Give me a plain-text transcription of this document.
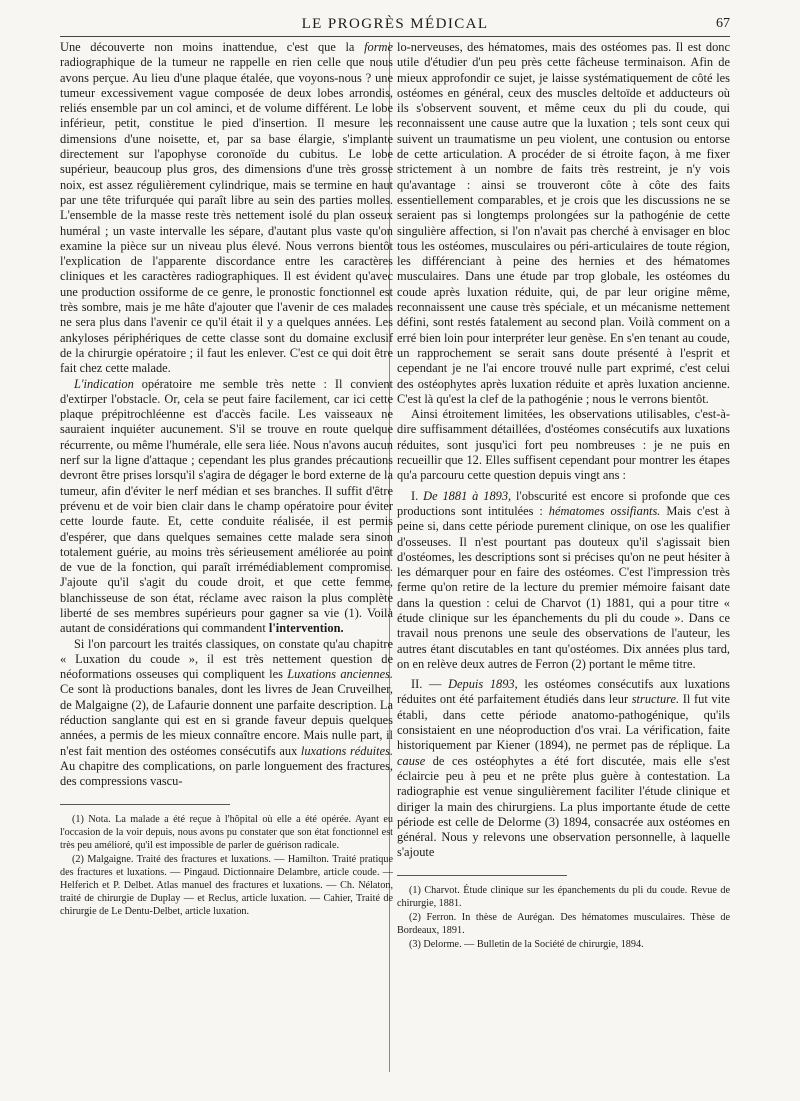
LE PROGRÈS MÉDICAL	67

Une découverte non moins inattendue, c'est que la forme radiographique de la tumeur ne rappelle en rien celle que nous avons perçue. Au lieu d'une plaque étalée, que voyons-nous ? une tumeur excessivement vague composée de deux lobes arrondis, reliés ensemble par un col aminci, et de volume différent. Le lobe inférieur, petit, constitue le pied d'insertion. Il mesure les dimensions d'une noisette, et, par sa base élargie, s'implante directement sur l'apophyse coronoïde du cubitus. Le lobe supérieur, beaucoup plus gros, des dimensions d'une très grosse noix, est assez régulièrement cylindrique, mais se termine en haut par une tête trifurquée qui paraît libre au sein des parties molles. L'ensemble de la masse reste très nettement isolé du plan osseux huméral ; un vaste intervalle les sépare, d'autant plus vaste qu'on examine la pièce sur un niveau plus élevé. Nous verrons bientôt l'explication de l'apparente discordance entre les caractères cliniques et les caractères radiographiques. Il est évident qu'avec une production ossiforme de ce genre, le pronostic fonctionnel est très sombre, mais je me hâte d'ajouter que l'avenir de ces malades ne sera plus dans l'avenir ce qu'il était il y a quelques années. Les ankyloses périphériques de cette classe sont du domaine exclusif de la chirurgie opératoire ; il faut les enlever. C'est ce qui doit être fait chez cette malade.

L'indication opératoire me semble très nette : Il convient d'extirper l'obstacle. Or, cela se peut faire facilement, car ici cette plaque prépitrochléenne est d'accès facile. Les vaisseaux ne sauraient inquiéter aucunement. S'il se trouve en route quelque récurrente, ou même l'humérale, elle sera liée. Nous n'avons aucun nerf sur la ligne d'attaque ; cependant les plus grandes précautions devront être prises lorsqu'il s'agira de dégager le bord externe de la tumeur, afin d'éviter le nerf médian et ses branches. Il suffit d'être prévenu et de voir bien clair dans le champ opératoire pour éviter cette lourde faute. Et, cette conduite réalisée, il est permis d'espérer, que dans quelques semaines cette malade sera sinon totalement guérie, au moins très sérieusement améliorée au point de vue de la fonction, qui paraît irrémédiablement compromise. J'ajoute qu'il s'agit du coude droit, et que cette femme, blanchisseuse de son état, réclame avec raison la plus complète liberté de ses membres supérieurs pour gagner sa vie (1). Voilà autant de considérations qui commandent l'intervention.

Si l'on parcourt les traités classiques, on constate qu'au chapitre « Luxation du coude », il est très nettement question de néoformations osseuses qui compliquent les Luxations anciennes. Ce sont là productions banales, dont les livres de Jean Cruveilher, de Malgaigne (2), de Lafaurie donnent une parfaite description. La réduction sanglante qui est en si grande faveur depuis quelques années, a permis de les mieux connaître encore. Mais nulle part, il n'est fait mention des ostéomes consécutifs aux luxations réduites. Au chapitre des complications, on parle longuement des fractures, des compressions vascu-

(1) Nota. La malade a été reçue à l'hôpital où elle a été opérée. Ayant eu l'occasion de la voir depuis, nous avons pu constater que son état fonctionnel est très peu amélioré, qu'il est impossible de parler de guérison radicale.

(2) Malgaigne. Traité des fractures et luxations. — Hamilton. Traité pratique des fractures et luxations. — Pingaud. Dictionnaire Delambre, article coude. — Helferich et P. Delbet. Atlas manuel des fractures et luxations. — Ch. Nélaton, traité de chirurgie de Duplay — et Reclus, article luxation. — Cahier, Traité de chirurgie de Le Dentu-Delbet, article luxation.

lo-nerveuses, des hématomes, mais des ostéomes pas. Il est donc utile d'étudier d'un peu près cette fâcheuse terminaison. Afin de mieux approfondir ce sujet, je laisse systématiquement de côté les ostéomes en général, ceux des muscles deltoïde et adducteurs où ils s'observent souvent, et même ceux du pli du coude, qui reconnaissent une cause autre que la luxation ; tels sont ceux qui suivent un traumatisme un peu violent, une contusion ou entorse de cette articulation. A procéder de si étroite façon, à me fixer strictement à un nombre de faits très restreint, je n'y vois qu'avantage : ainsi se trouveront côte à côte des faits essentiellement comparables, et je crois que les discussions ne se seraient pas si longtemps prolongées sur la pathogénie de cette singulière affection, si l'on n'avait pas cherché à envisager en bloc tous les ostéomes, musculaires ou péri-articulaires de toute région, les différenciant à peine des hernies et des hématomes musculaires. Dans une étude par trop globale, les ostéomes du coude après luxation réduite, qui, de par leur origine même, reconnaissent une cause très spéciale, et un mécanisme nettement défini, sont restés fatalement au second plan. Voilà comment on a erré bien loin pour interpréter leur genèse. En s'en tenant au coude, un rapprochement se serait sans doute présenté à l'esprit et cependant je ne l'ai encore trouvé nulle part exprimé, c'est celui des ostéophytes après luxation réduite et après luxation ancienne. C'est là qu'est la clef de la pathogénie ; nous le verrons bientôt.

Ainsi étroitement limitées, les observations utilisables, c'est-à-dire suffisamment détaillées, d'ostéomes consécutifs aux luxations réduites, sont jusqu'ici fort peu nombreuses : je ne puis en recueillir que 12. Elles suffisent cependant pour montrer les étapes qu'a parcouru cette question depuis vingt ans :

I. De 1881 à 1893, l'obscurité est encore si profonde que ces productions sont intitulées : hématomes ossifiants. Mais c'est à peine si, dans cette période purement clinique, on ose les qualifier d'osseuses. Il n'est pourtant pas douteux qu'il s'agissait bien d'ostéomes, les descriptions sont si précises qu'on ne peut hésiter à les démarquer pour en faire des ostéomes. C'est l'impression très ferme qu'on retire de la lecture du premier mémoire faisant date dans la question : celui de Charvot (1) 1881, qui a pour titre « étude clinique sur les épanchements du pli du coude ». Dans ce travail nous prenons une seule des observations de l'auteur, les autres étant discutables en tant qu'ostéomes. Dix années plus tard, on en relève deux autres de Ferron (2) portant le même titre.

II. — Depuis 1893, les ostéomes consécutifs aux luxations réduites ont été parfaitement étudiés dans leur structure. Il fut vite établi, dans cette période anatomo-pathogénique, qu'ils consistaient en une néoproduction d'os vrai. La vérification, faite historiquement par Kiener (1894), ne permet pas de réplique. La cause de ces ostéophytes a été fort discutée, mais elle s'est éclaircie peu à peu et ne prête plus guère à contestation. La radiographie est venue singulièrement faciliter l'étude clinique et diriger la main des chirurgiens. La plus importante étude de cette période est celle de Delorme (3) 1894, consacrée aux ostéomes en général. Nous y relevons une observation personnelle, à laquelle s'ajoute

(1) Charvot. Étude clinique sur les épanchements du pli du coude. Revue de chirurgie, 1881.

(2) Ferron. In thèse de Aurégan. Des hématomes musculaires. Thèse de Bordeaux, 1891.

(3) Delorme. — Bulletin de la Société de chirurgie, 1894.
